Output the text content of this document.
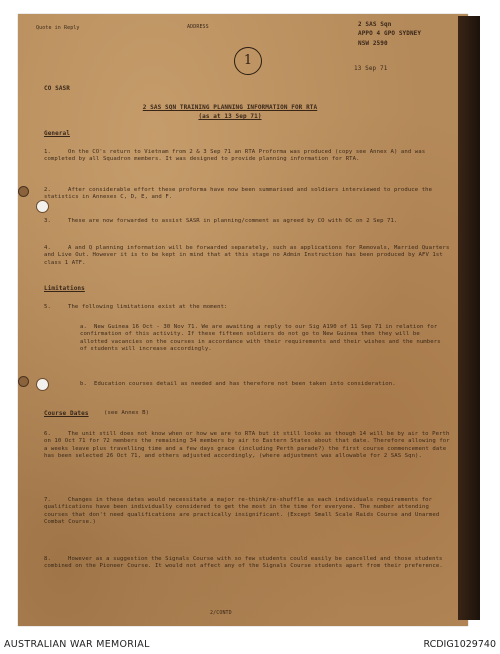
Quote in Reply	ADDRESS	2 SAS Sqn
APPO 4 GPO SYDNEY
NSW 2590
13 Sep 71
1
CO SASR
2 SAS SQN TRAINING PLANNING INFORMATION FOR RTA
(as at 13 Sep 71)
General
1.	On the CO's return to Vietnam from 2 & 3 Sep 71 an RTA Proforma was produced (copy see Annex A) and was completed by all Squadron members. It was designed to provide planning information for RTA.
2.	After considerable effort these proforma have now been summarised and soldiers interviewed to produce the statistics in Annexes C, D, E, and F.
3.	These are now forwarded to assist SASR in planning/comment as agreed by CO with OC on 2 Sep 71.
4.	A and Q planning information will be forwarded separately, such as applications for Removals, Married Quarters and Live Out. However it is to be kept in mind that at this stage no Admin Instruction has been produced by AFV 1st class 1 ATF.
Limitations
5.	The following limitations exist at the moment:
a.	New Guinea 16 Oct - 30 Nov 71. We are awaiting a reply to our Sig A190 of 11 Sep 71 in relation for confirmation of this activity. If these fifteen soldiers do not go to New Guinea then they will be allotted vacancies on the courses in accordance with their requirements and their wishes and the numbers of students will increase accordingly.
b.	Education courses detail as needed and has therefore not been taken into consideration.
Course Dates	(see Annex B)
6.	The unit still does not know when or how we are to RTA but it still looks as though 14 will be by air to Perth on 10 Oct 71 for 72 members the remaining 34 members by air to Eastern States about that date. Therefore allowing for a weeks leave plus travelling time and a few days grace (including Perth parade?) the first course commencement date has been selected 26 Oct 71, and others adjusted accordingly, (where adjustment was allowable for 2 SAS Sqn).
7.	Changes in these dates would necessitate a major re-think/re-shuffle as each individuals requirements for qualifications have been individually considered to get the most in the time for everyone. The number attending courses that don't need qualifications are practically insignificant. (Except Small Scale Raids Course and Unarmed Combat Course.)
8.	However as a suggestion the Signals Course with so few students could easily be cancelled and those students combined on the Pioneer Course. It would not affect any of the Signals Course students apart from their preference.
2/CONTD
AUSTRALIAN WAR MEMORIAL	RCDIG1029740
